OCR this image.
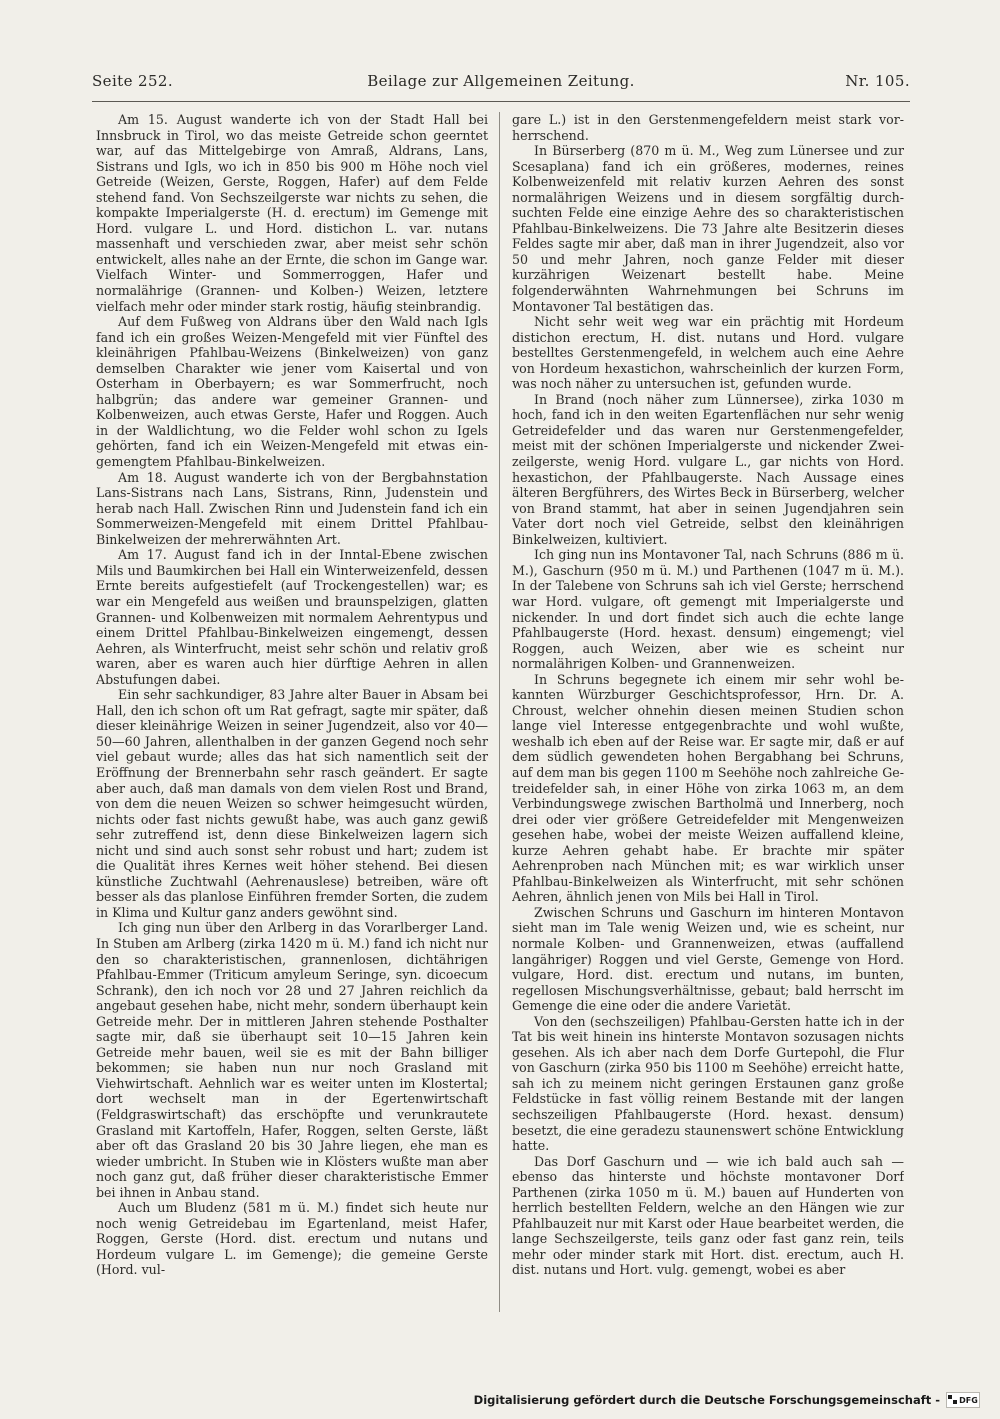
Seite 252.	Beilage zur Allgemeinen Zeitung.	Nr. 105.

Am 15. August wanderte ich von der Stadt Hall bei Innsbruck in Tirol, wo das meiste Getreide schon geerntet war, auf das Mittelgebirge von Amraß, Aldrans, Lans, Sistrans und Igls, wo ich in 850 bis 900 m Höhe noch viel Getreide (Weizen, Gerste, Roggen, Hafer) auf dem Felde stehend fand. Von Sechszeilgerste war nichts zu sehen, die kompakte Imperialgerste (H. d. erectum) im Gemenge mit Hord. vulgare L. und Hord. distichon L. var. nutans massenhaft und verschieden zwar, aber meist sehr schön entwickelt, alles nahe an der Ernte, die schon im Gange war. Vielfach Winter- und Sommerroggen, Hafer und normalährige (Grannen- und Kolben-) Weizen, letztere vielfach mehr oder minder stark rostig, häufig steinbrandig.

Auf dem Fußweg von Aldrans über den Wald nach Igls fand ich ein großes Weizen-Mengefeld mit vier Fünftel des kleinährigen Pfahlbau-Weizens (Binkelweizen) von ganz demselben Charakter wie jener vom Kaisertal und von Osterham in Oberbayern; es war Sommerfrucht, noch halbgrün; das andere war gemeiner Grannen- und Kolbenweizen, auch etwas Gerste, Hafer und Roggen. Auch in der Waldlichtung, wo die Felder wohl schon zu Igels gehörten, fand ich ein Weizen-Mengefeld mit etwas eingemengtem Pfahlbau-Binkelweizen.

Am 18. August wanderte ich von der Bergbahnstation Lans-Sistrans nach Lans, Sistrans, Rinn, Judenstein und herab nach Hall. Zwischen Rinn und Judenstein fand ich ein Sommerweizen-Mengefeld mit einem Drittel Pfahlbau-Binkelweizen der mehrerwähnten Art.

Am 17. August fand ich in der Inntal-Ebene zwischen Mils und Baumkirchen bei Hall ein Winterweizenfeld, dessen Ernte bereits aufgestiefelt (auf Trockengestellen) war; es war ein Mengefeld aus weißen und braunspelzigen, glatten Grannen- und Kolbenweizen mit normalem Aehrentypus und einem Drittel Pfahlbau-Binkelweizen eingemengt, dessen Aehren, als Winterfrucht, meist sehr schön und relativ groß waren, aber es waren auch hier dürftige Aehren in allen Abstufungen dabei.

Ein sehr sachkundiger, 83 Jahre alter Bauer in Absam bei Hall, den ich schon oft um Rat gefragt, sagte mir später, daß dieser kleinährige Weizen in seiner Jugendzeit, also vor 40—50—60 Jahren, allenthalben in der ganzen Gegend noch sehr viel gebaut wurde; alles das hat sich namentlich seit der Eröffnung der Brennerbahn sehr rasch geändert. Er sagte aber auch, daß man damals von dem vielen Rost und Brand, von dem die neuen Weizen so schwer heimgesucht würden, nichts oder fast nichts gewußt habe, was auch ganz gewiß sehr zutreffend ist, denn diese Binkelweizen lagern sich nicht und sind auch sonst sehr robust und hart; zudem ist die Qualität ihres Kernes weit höher stehend. Bei diesen künstliche Zuchtwahl (Aehrenauslese) betreiben, wäre oft besser als das planlose Einführen fremder Sorten, die zudem in Klima und Kultur ganz anders gewöhnt sind.

Ich ging nun über den Arlberg in das Vorarlberger Land. In Stuben am Arlberg (zirka 1420 m ü. M.) fand ich nicht nur den so charakteristischen, grannenlosen, dichtährigen Pfahlbau-Emmer (Triticum amyleum Seringe, syn. dicoecum Schrank), den ich noch vor 28 und 27 Jahren reichlich da angebaut gesehen habe, nicht mehr, sondern überhaupt kein Getreide mehr. Der in mittleren Jahren stehende Posthalter sagte mir, daß sie überhaupt seit 10—15 Jahren kein Getreide mehr bauen, weil sie es mit der Bahn billiger bekommen; sie haben nun nur noch Grasland mit Viehwirtschaft. Aehnlich war es weiter unten im Klostertal; dort wechselt man in der Egertenwirtschaft (Feldgraswirtschaft) das erschöpfte und verunkrautete Grasland mit Kartoffeln, Hafer, Roggen, selten Gerste, läßt aber oft das Grasland 20 bis 30 Jahre liegen, ehe man es wieder umbricht. In Stuben wie in Klösters wußte man aber noch ganz gut, daß früher dieser charakteristische Emmer bei ihnen in Anbau stand.

Auch um Bludenz (581 m ü. M.) findet sich heute nur noch wenig Getreidebau im Egartenland, meist Hafer, Roggen, Gerste (Hord. dist. erectum und nutans und Hordeum vulgare L. im Gemenge); die gemeine Gerste (Hord. vul-

gare L.) ist in den Gerstenmengefeldern meist stark vorherrschend.

In Bürserberg (870 m ü. M., Weg zum Lünersee und zur Scesaplana) fand ich ein größeres, modernes, reines Kolbenweizenfeld mit relativ kurzen Aehren des sonst normalährigen Weizens und in diesem sorgfältig durchsuchten Felde eine einzige Aehre des so charakteristischen Pfahlbau-Binkelweizens. Die 73 Jahre alte Besitzerin dieses Feldes sagte mir aber, daß man in ihrer Jugendzeit, also vor 50 und mehr Jahren, noch ganze Felder mit dieser kurzährigen Weizenart bestellt habe. Meine folgenderwähnten Wahrnehmungen bei Schruns im Montavoner Tal bestätigen das.

Nicht sehr weit weg war ein prächtig mit Hordeum distichon erectum, H. dist. nutans und Hord. vulgare bestelltes Gerstenmengefeld, in welchem auch eine Aehre von Hordeum hexastichon, wahrscheinlich der kurzen Form, was noch näher zu untersuchen ist, gefunden wurde.

In Brand (noch näher zum Lünnersee), zirka 1030 m hoch, fand ich in den weiten Egartenflächen nur sehr wenig Getreidefelder und das waren nur Gerstenmengefelder, meist mit der schönen Imperialgerste und nickender Zweizeilgerste, wenig Hord. vulgare L., gar nichts von Hord. hexastichon, der Pfahlbaugerste. Nach Aussage eines älteren Bergführers, des Wirtes Beck in Bürserberg, welcher von Brand stammt, hat aber in seinen Jugendjahren sein Vater dort noch viel Getreide, selbst den kleinährigen Binkelweizen, kultiviert.

Ich ging nun ins Montavoner Tal, nach Schruns (886 m ü. M.), Gaschurn (950 m ü. M.) und Parthenen (1047 m ü. M.). In der Talebene von Schruns sah ich viel Gerste; herrschend war Hord. vulgare, oft gemengt mit Imperialgerste und nickender. In und dort findet sich auch die echte lange Pfahlbaugerste (Hord. hexast. densum) eingemengt; viel Roggen, auch Weizen, aber wie es scheint nur normalährigen Kolben- und Grannenweizen.

In Schruns begegnete ich einem mir sehr wohl bekannten Würzburger Geschichtsprofessor, Hrn. Dr. A. Chroust, welcher ohnehin diesen meinen Studien schon lange viel Interesse entgegenbrachte und wohl wußte, weshalb ich eben auf der Reise war. Er sagte mir, daß er auf dem südlich gewendeten hohen Bergabhang bei Schruns, auf dem man bis gegen 1100 m Seehöhe noch zahlreiche Getreidefelder sah, in einer Höhe von zirka 1063 m, an dem Verbindungswege zwischen Bartholmä und Innerberg, noch drei oder vier größere Getreidefelder mit Mengenweizen gesehen habe, wobei der meiste Weizen auffallend kleine, kurze Aehren gehabt habe. Er brachte mir später Aehrenproben nach München mit; es war wirklich unser Pfahlbau-Binkelweizen als Winterfrucht, mit sehr schönen Aehren, ähnlich jenen von Mils bei Hall in Tirol.

Zwischen Schruns und Gaschurn im hinteren Montavon sieht man im Tale wenig Weizen und, wie es scheint, nur normale Kolben- und Grannenweizen, etwas (auffallend langähriger) Roggen und viel Gerste, Gemenge von Hord. vulgare, Hord. dist. erectum und nutans, im bunten, regellosen Mischungsverhältnisse, gebaut; bald herrscht im Gemenge die eine oder die andere Varietät.

Von den (sechszeiligen) Pfahlbau-Gersten hatte ich in der Tat bis weit hinein ins hinterste Montavon sozusagen nichts gesehen. Als ich aber nach dem Dorfe Gurtepohl, die Flur von Gaschurn (zirka 950 bis 1100 m Seehöhe) erreicht hatte, sah ich zu meinem nicht geringen Erstaunen ganz große Feldstücke in fast völlig reinem Bestande mit der langen sechszeiligen Pfahlbaugerste (Hord. hexast. densum) besetzt, die eine geradezu staunenswert schöne Entwicklung hatte.

Das Dorf Gaschurn und — wie ich bald auch sah — ebenso das hinterste und höchste montavoner Dorf Parthenen (zirka 1050 m ü. M.) bauen auf Hunderten von herrlich bestellten Feldern, welche an den Hängen wie zur Pfahlbauzeit nur mit Karst oder Haue bearbeitet werden, die lange Sechszeilgerste, teils ganz oder fast ganz rein, teils mehr oder minder stark mit Hort. dist. erectum, auch H. dist. nutans und Hort. vulg. gemengt, wobei es aber

Digitalisierung gefördert durch die Deutsche Forschungsgemeinschaft - DFG
